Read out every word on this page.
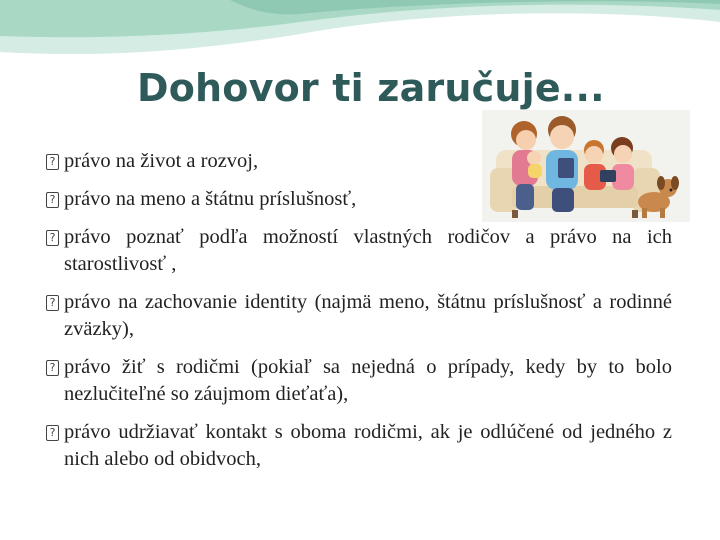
Dohovor ti zaručuje...
? právo na život a rozvoj,
? právo na meno a štátnu príslušnosť,
? právo poznať podľa možností vlastných rodičov a právo na ich starostlivosť ,
? právo na zachovanie identity (najmä meno, štátnu príslušnosť a rodinné zväzky),
? právo žiť s rodičmi (pokiaľ sa nejedná o prípady, kedy by to bolo nezlučiteľné so záujmom dieťaťa),
? právo udržiavať kontakt s oboma rodičmi, ak je odlúčené od jedného z nich alebo od obidvoch,
